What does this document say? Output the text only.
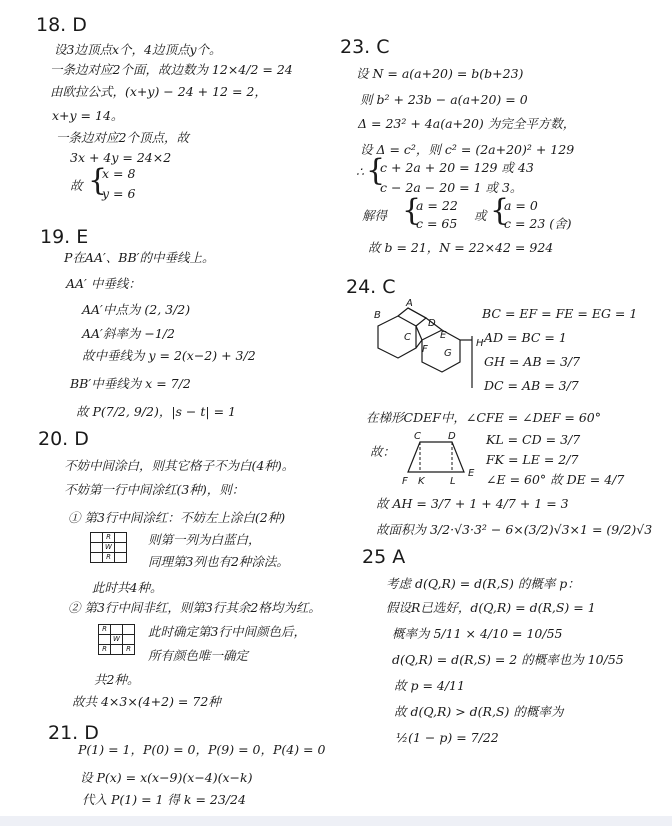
18. D
设3边顶点x个，4边顶点y个。
一条边对应2个面，故边数为 12×4/2 = 24
由欧拉公式，(x+y) − 24 + 12 = 2，
x+y = 14。
一条边对应2个顶点，故
3x + 4y = 24×2
故 {
x = 8
y = 6
19. E
P在AA′、BB′的中垂线上。
AA′ 中垂线：
AA′中点为 (2, 3/2)
AA′斜率为 −1/2
故中垂线为 y = 2(x−2) + 3/2
BB′中垂线为 x = 7/2
故 P(7/2, 9/2)，|s − t| = 1
20. D
不妨中间涂白，则其它格子不为白(4种)。
不妨第一行中间涂红(3种)，则：
① 第3行中间涂红：不妨左上涂白(2种)
	R	
	W	
	R	
则第一列为白蓝白，
同理第3列也有2种涂法。
此时共4种。
② 第3行中间非红，则第3行其余2格均为红。
R		
	W	
R		R
此时确定第3行中间颜色后，
所有颜色唯一确定
共2种。
故共 4×3×(4+2) = 72种
21. D
P(1) = 1，P(0) = 0，P(9) = 0，P(4) = 0
设 P(x) = x(x−9)(x−4)(x−k)
代入 P(1) = 1 得 k = 23/24
23. C
设 N = a(a+20) = b(b+23)
则 b² + 23b − a(a+20) = 0
Δ = 23² + 4a(a+20) 为完全平方数，
设 Δ = c²，则 c² = (2a+20)² + 129
∴ {
c + 2a + 20 = 129 或 43
c − 2a − 20 = 1 或 3。
解得 {
a = 22
c = 65
或 {
a = 0
c = 23 (舍)
故 b = 21，N = 22×42 = 924
24. C
B
A
C
D
E
F G
H
BC = EF = FE = EG = 1
AD = BC = 1
GH = AB = 3/7
DC = AB = 3/7
在梯形CDEF中，∠CFE = ∠DEF = 60°
故：
C	D
F K	L
E
KL = CD = 3/7
FK = LE = 2/7
∠E = 60° 故 DE = 4/7
故 AH = 3/7 + 1 + 4/7 + 1 = 3
故面积为 3/2·√3·3² − 6×(3/2)√3×1 = (9/2)√3
25 A
考虑 d(Q,R) = d(R,S) 的概率 p：
假设R已选好，d(Q,R) = d(R,S) = 1
概率为 5/11 × 4/10 = 10/55
d(Q,R) = d(R,S) = 2 的概率也为 10/55
故 p = 4/11
故 d(Q,R) > d(R,S) 的概率为
½(1 − p) = 7/22
